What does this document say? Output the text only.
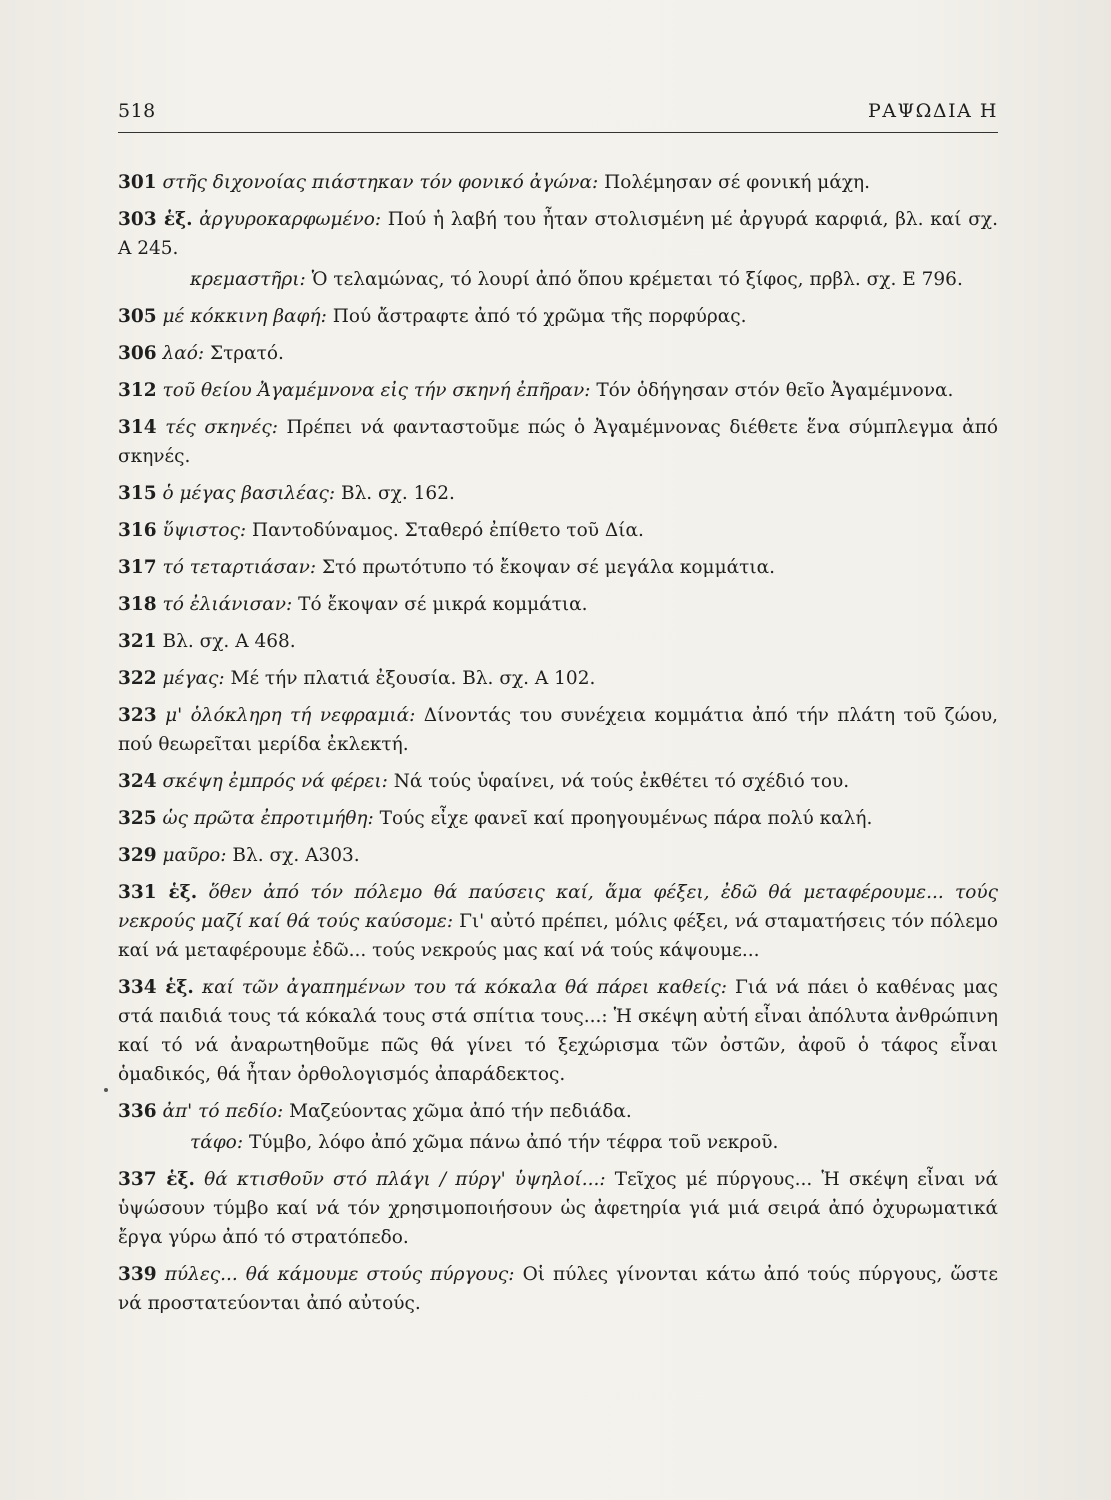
518	ΡΑΨΩΔΙΑ Η

301 στῆς διχονοίας πιάστηκαν τόν φονικό ἀγώνα: Πολέμησαν σέ φονική μάχη.

303 ἑξ. ἀργυροκαρφωμένο: Πού ἡ λαβή του ἦταν στολισμένη μέ ἀργυρά καρφιά, βλ. καί σχ. Α 245.

κρεμαστῆρι: Ὁ τελαμώνας, τό λουρί ἀπό ὅπου κρέμεται τό ξίφος, πρβλ. σχ. Ε 796.

305 μέ κόκκινη βαφή: Πού ἄστραφτε ἀπό τό χρῶμα τῆς πορφύρας.

306 λαό: Στρατό.

312 τοῦ θείου Ἀγαμέμνονα εἰς τήν σκηνή ἐπῆραν: Τόν ὁδήγησαν στόν θεῖο Ἀγαμέμνονα.

314 τές σκηνές: Πρέπει νά φανταστοῦμε πώς ὁ Ἀγαμέμνονας διέθετε ἕνα σύμπλεγμα ἀπό σκηνές.

315 ὁ μέγας βασιλέας: Βλ. σχ. 162.

316 ὕψιστος: Παντοδύναμος. Σταθερό ἐπίθετο τοῦ Δία.

317 τό τεταρτιάσαν: Στό πρωτότυπο τό ἔκοψαν σέ μεγάλα κομμάτια.

318 τό ἐλιάνισαν: Τό ἔκοψαν σέ μικρά κομμάτια.

321 Βλ. σχ. Α 468.

322 μέγας: Μέ τήν πλατιά ἐξουσία. Βλ. σχ. Α 102.

323 μ' ὁλόκληρη τή νεφραμιά: Δίνοντάς του συνέχεια κομμάτια ἀπό τήν πλάτη τοῦ ζώου, πού θεωρεῖται μερίδα ἐκλεκτή.

324 σκέψη ἐμπρός νά φέρει: Νά τούς ὑφαίνει, νά τούς ἐκθέτει τό σχέδιό του.

325 ὡς πρῶτα ἐπροτιμήθη: Τούς εἶχε φανεῖ καί προηγουμένως πάρα πολύ καλή.

329 μαῦρο: Βλ. σχ. Α303.

331 ἑξ. ὅθεν ἀπό τόν πόλεμο θά παύσεις καί, ἅμα φέξει, ἐδῶ θά μεταφέρουμε... τούς νεκρούς μαζί καί θά τούς καύσομε: Γι' αὐτό πρέπει, μόλις φέξει, νά σταματήσεις τόν πόλεμο καί νά μεταφέρουμε ἐδῶ... τούς νεκρούς μας καί νά τούς κάψουμε...

334 ἑξ. καί τῶν ἀγαπημένων του τά κόκαλα θά πάρει καθείς: Γιά νά πάει ὁ καθένας μας στά παιδιά τους τά κόκαλά τους στά σπίτια τους...: Ἡ σκέψη αὐτή εἶναι ἀπόλυτα ἀνθρώπινη καί τό νά ἀναρωτηθοῦμε πῶς θά γίνει τό ξεχώρισμα τῶν ὀστῶν, ἀφοῦ ὁ τάφος εἶναι ὁμαδικός, θά ἦταν ὀρθολογισμός ἀπαράδεκτος.

336 ἀπ' τό πεδίο: Μαζεύοντας χῶμα ἀπό τήν πεδιάδα.

τάφο: Τύμβο, λόφο ἀπό χῶμα πάνω ἀπό τήν τέφρα τοῦ νεκροῦ.

337 ἑξ. θά κτισθοῦν στό πλάγι / πύργ' ὑψηλοί...: Τεῖχος μέ πύργους... Ἡ σκέψη εἶναι νά ὑψώσουν τύμβο καί νά τόν χρησιμοποιήσουν ὡς ἀφετηρία γιά μιά σειρά ἀπό ὀχυρωματικά ἔργα γύρω ἀπό τό στρατόπεδο.

339 πύλες... θά κάμουμε στούς πύργους: Οἱ πύλες γίνονται κάτω ἀπό τούς πύργους, ὥστε νά προστατεύονται ἀπό αὐτούς.
